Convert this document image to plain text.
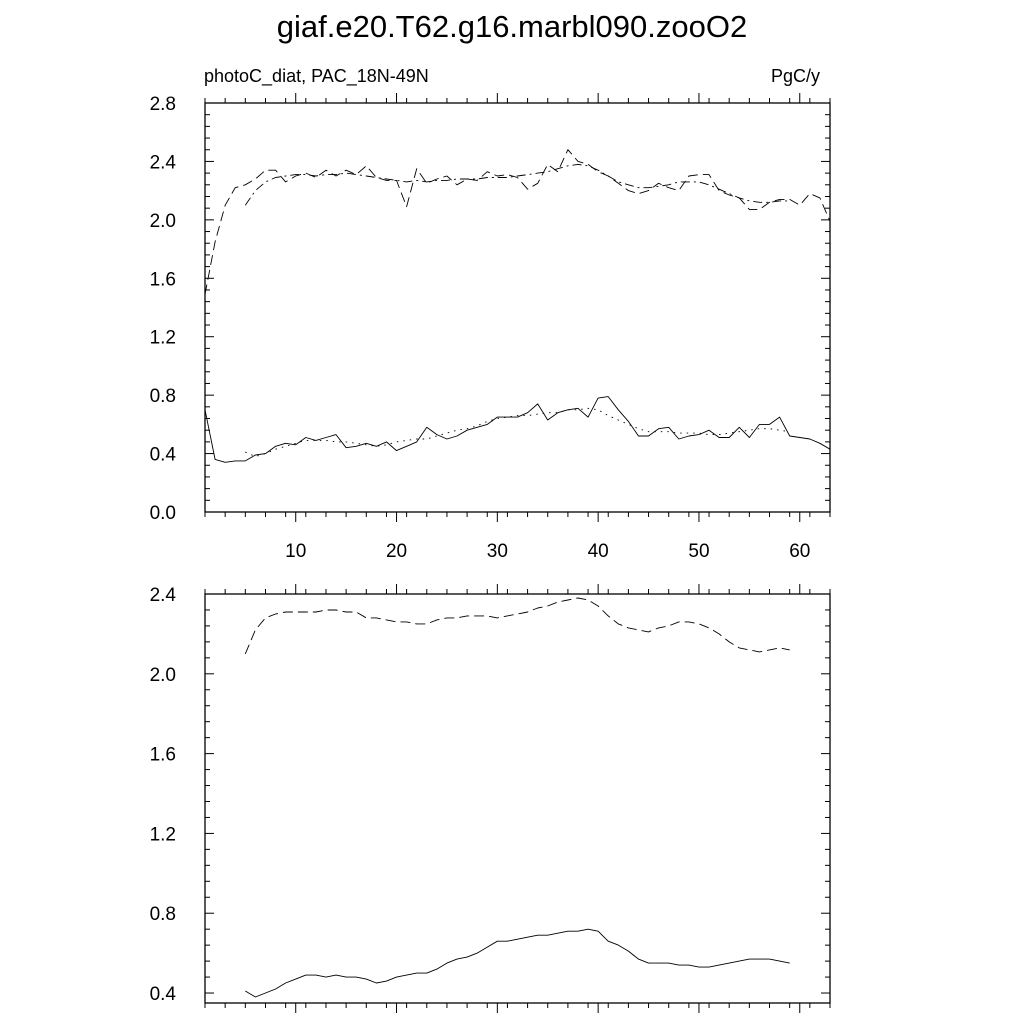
giaf.e20.T62.g16.marbl090.zooO2
0.0
0.4
0.8
1.2
1.6
2.0
2.4
2.8
10	20	30	40	50	60
photoC_diat, PAC_18N-49N	PgC/y
0.4
0.8
1.2
1.6
2.0
2.4
